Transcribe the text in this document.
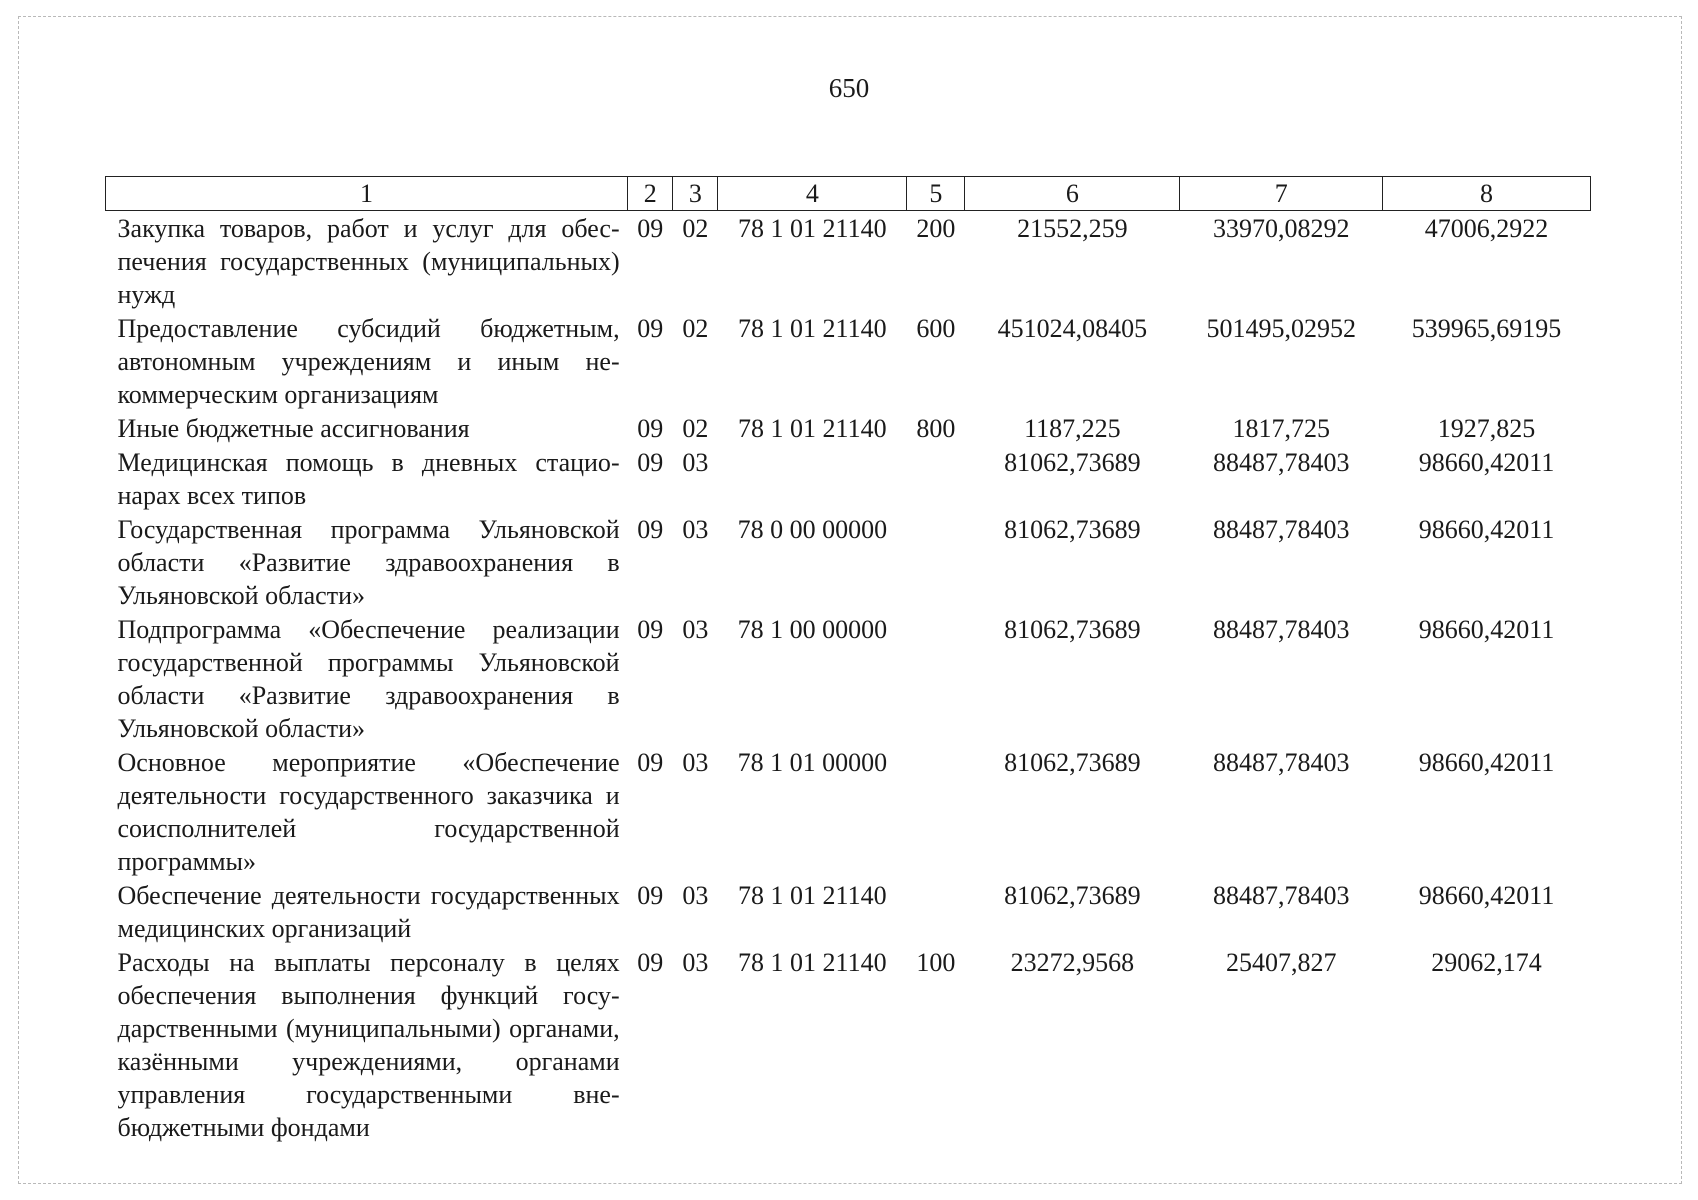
650
1	2	3	4	5	6	7	8
Закупка товаров, работ и услуг для обеспечения государственных (муниципальных) нужд	09	02	78 1 01 21140	200	21552,259	33970,08292	47006,2922
Предоставление субсидий бюджетным, автономным учреждениям и иным некоммерческим организациям	09	02	78 1 01 21140	600	451024,08405	501495,02952	539965,69195
Иные бюджетные ассигнования	09	02	78 1 01 21140	800	1187,225	1817,725	1927,825
Медицинская помощь в дневных стационарах всех типов	09	03			81062,73689	88487,78403	98660,42011
Государственная программа Ульяновской области «Развитие здравоохранения в Ульяновской области»	09	03	78 0 00 00000		81062,73689	88487,78403	98660,42011
Подпрограмма «Обеспечение реализации государственной программы Ульяновской области «Развитие здравоохранения в Ульяновской области»	09	03	78 1 00 00000		81062,73689	88487,78403	98660,42011
Основное мероприятие «Обеспечение деятельности государственного заказчика и соисполнителей государственной программы»	09	03	78 1 01 00000		81062,73689	88487,78403	98660,42011
Обеспечение деятельности государственных медицинских организаций	09	03	78 1 01 21140		81062,73689	88487,78403	98660,42011
Расходы на выплаты персоналу в целях обеспечения выполнения функций государственными (муниципальными) органами, казёнными учреждениями, органами управления государственными внебюджетными фондами	09	03	78 1 01 21140	100	23272,9568	25407,827	29062,174
